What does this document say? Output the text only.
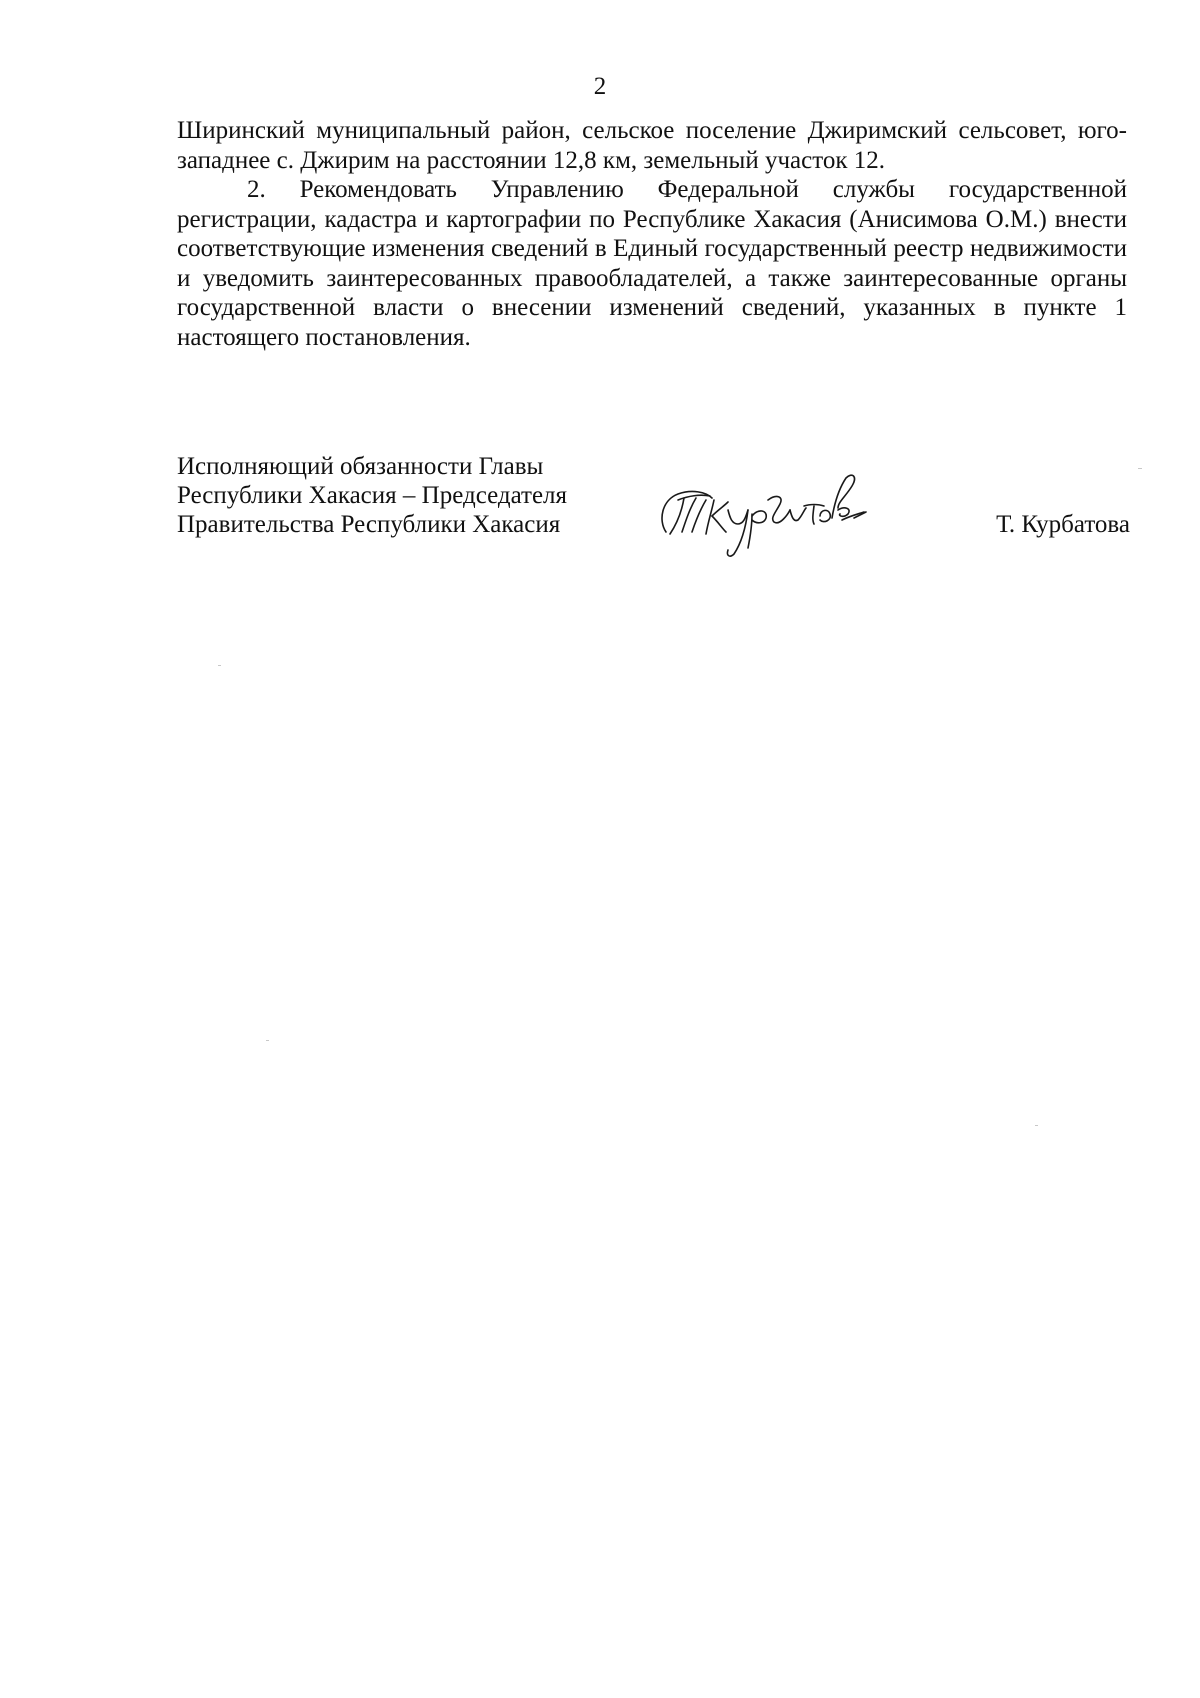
2

Ширинский муниципальный район, сельское поселение Джиримский сельсовет, юго-западнее с. Джирим на расстоянии 12,8 км, земельный участок 12.

2. Рекомендовать Управлению Федеральной службы государственной регистрации, кадастра и картографии по Республике Хакасия (Анисимова О.М.) внести соответствующие изменения сведений в Единый государственный реестр недвижимости и уведомить заинтересованных правообладателей, а также заинтересованные органы государственной власти о внесении изменений сведений, указанных в пункте 1 настоящего постановления.

Исполняющий обязанности Главы
Республики Хакасия – Председателя
Правительства Республики Хакасия	Т. Курбатова
